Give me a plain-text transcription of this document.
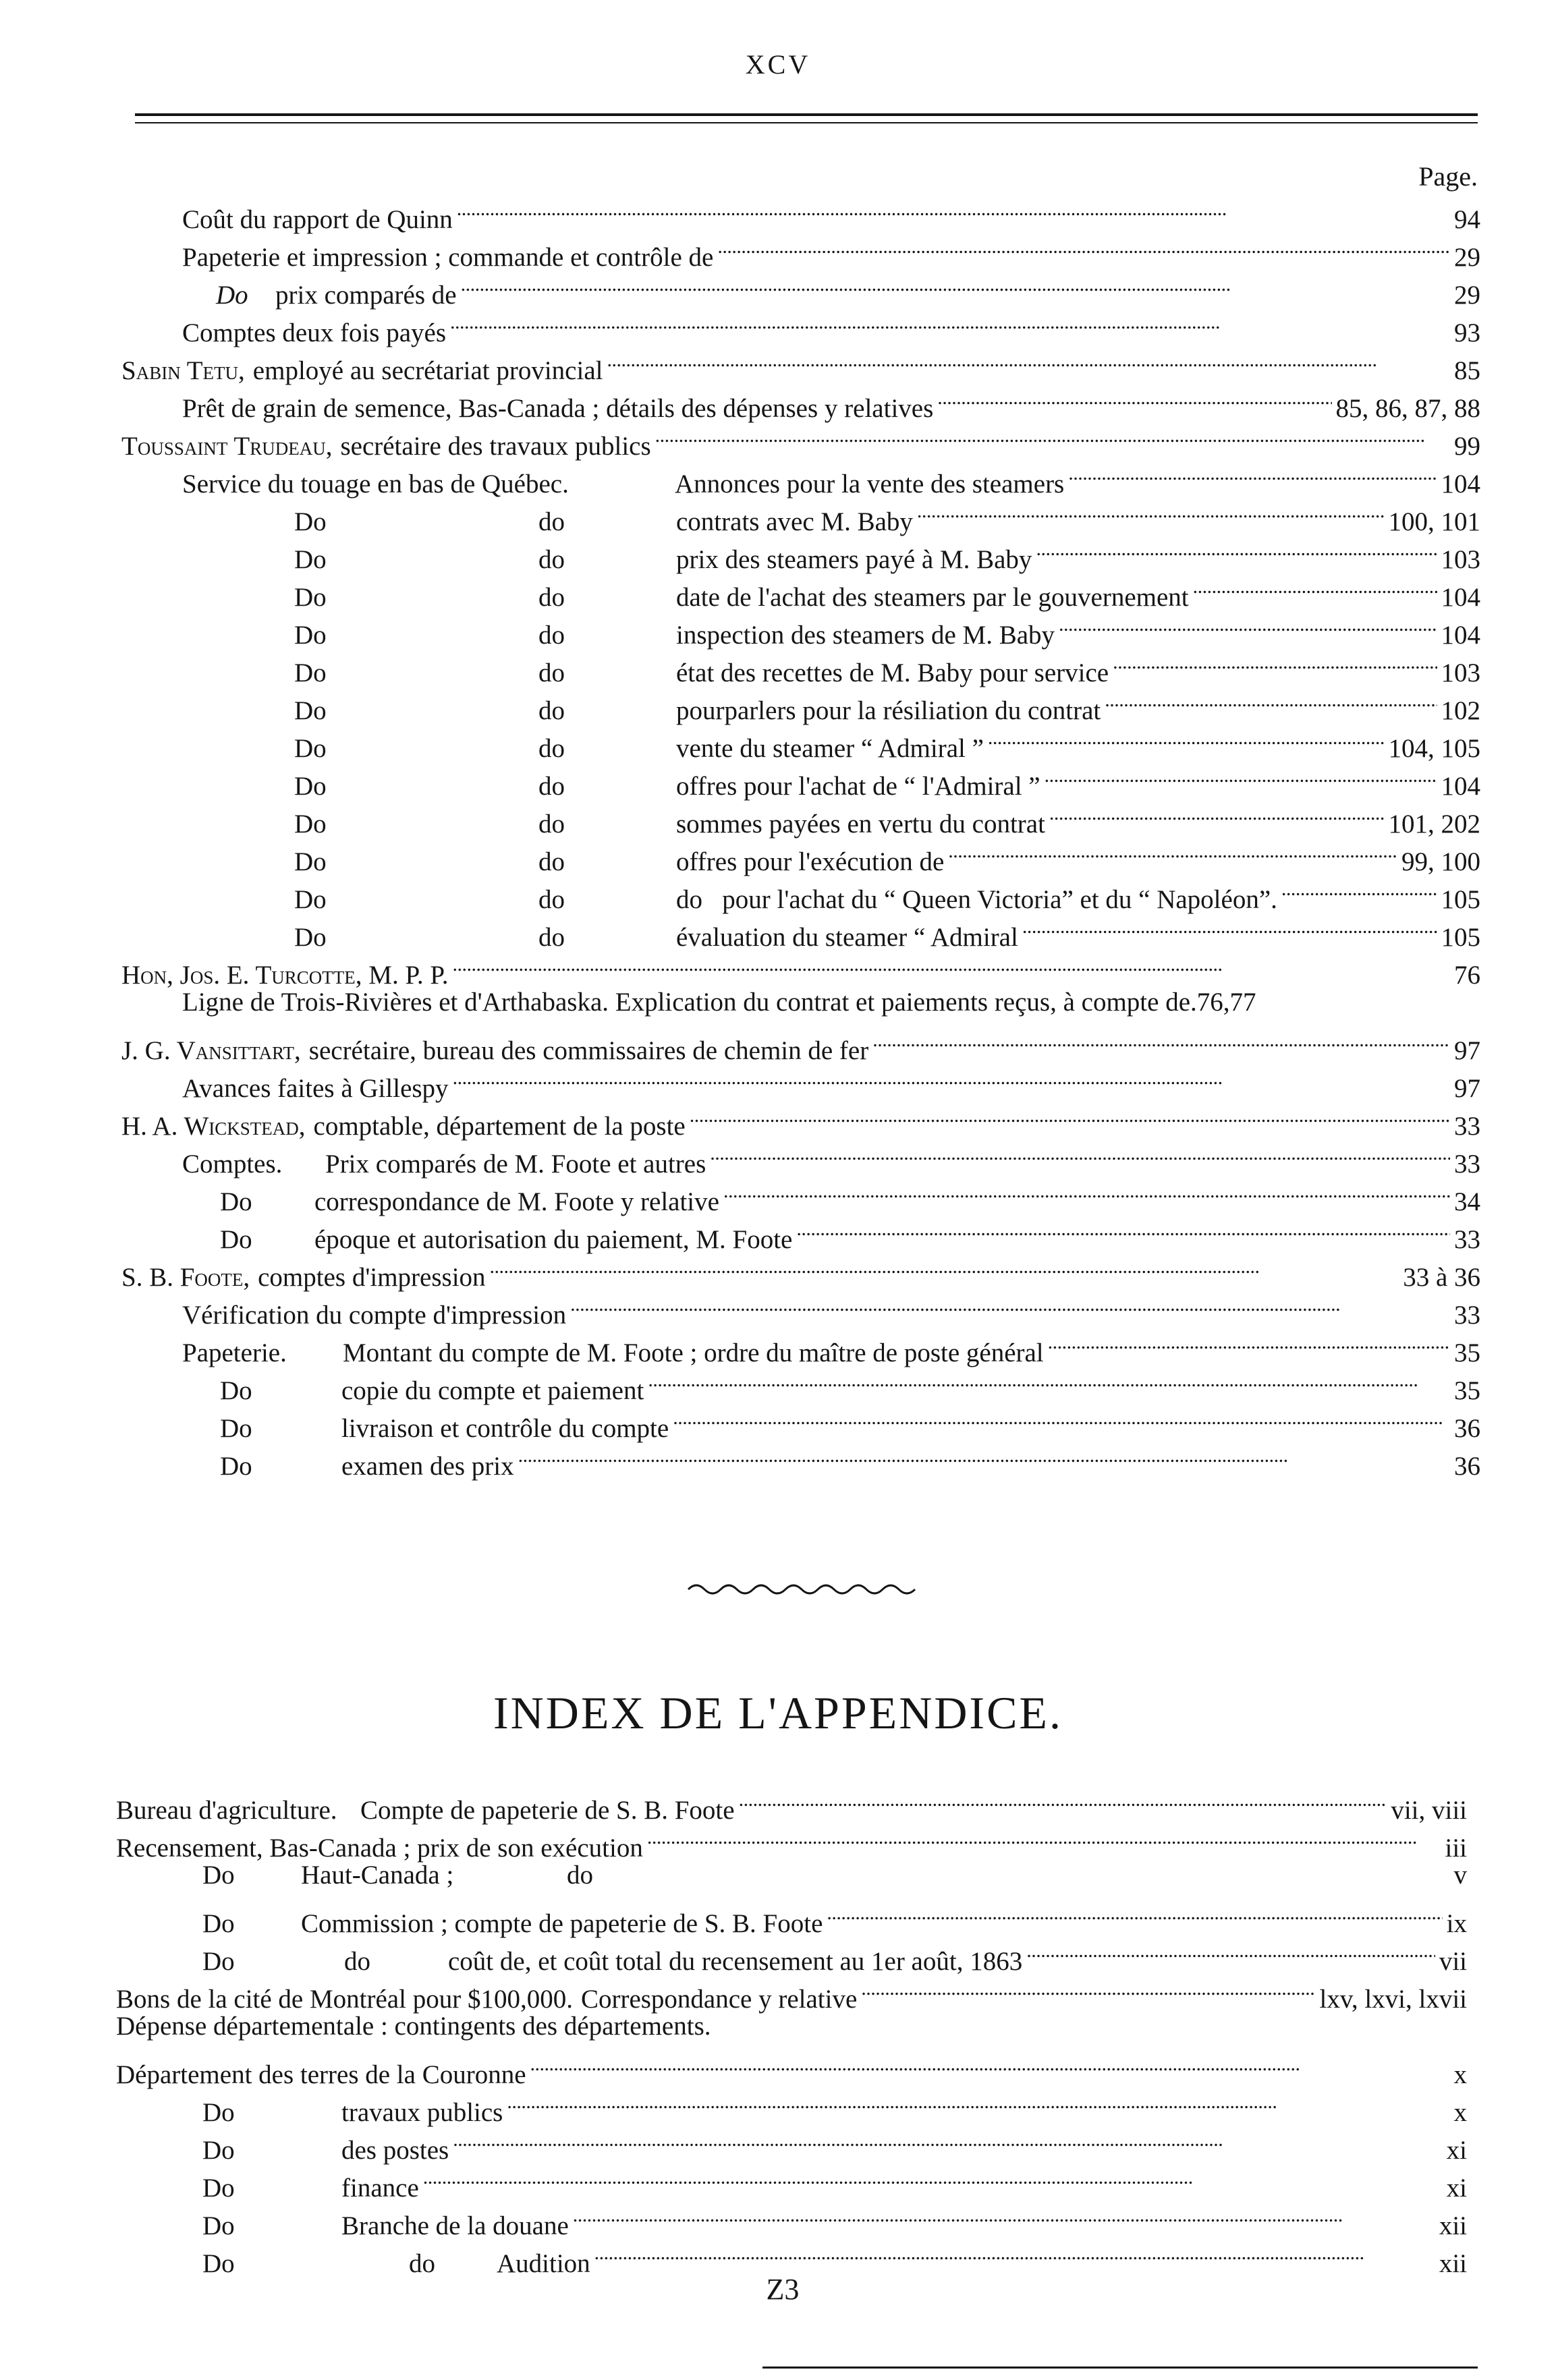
XCV
Page.
Coût du rapport de Quinn . . .	94
Papeterie et impression ; commande et contrôle de . . .	29
Do	prix comparés de . . .	29
Comptes deux fois payés . . .	93
Sabin Tetu, employé au secrétariat provincial . . .	85
Prêt de grain de semence, Bas-Canada ; détails des dépenses y relatives . . .	85, 86, 87, 88
Toussaint Trudeau, secrétaire des travaux publics . . .	99
Service du touage en bas de Québec.	Annonces pour la vente des steamers . . .	104
Do	do	contrats avec M. Baby . . .	100, 101
Do	do	prix des steamers payé à M. Baby . . .	103
Do	do	date de l'achat des steamers par le gouvernement . . .	104
Do	do	inspection des steamers de M. Baby . . .	104
Do	do	état des recettes de M. Baby pour service . . .	103
Do	do	pourparlers pour la résiliation du contrat . . .	102
Do	do	vente du steamer “ Admiral ” . . .	104, 105
Do	do	offres pour l'achat de “ l'Admiral ” . . .	104
Do	do	sommes payées en vertu du contrat . . .	101, 202
Do	do	offres pour l'exécution de . . .	99, 100
Do	do	do   pour l'achat du “ Queen Victoria” et du “ Napoléon”. . . .	105
Do	do	évaluation du steamer “ Admiral . . .	105
Hon, Jos. E. Turcotte, M. P. P. . . .	76
Ligne de Trois-Rivières et d'Arthabaska. Explication du contrat et paiements reçus, à compte de. 76,77
J. G. Vansittart, secrétaire, bureau des commissaires de chemin de fer . . .	97
Avances faites à Gillespy . . .	97
H. A. Wickstead, comptable, département de la poste . . .	33
Comptes.	Prix comparés de M. Foote et autres . . .	33
Do	correspondance de M. Foote y relative . . .	34
Do	époque et autorisation du paiement, M. Foote . . .	33
S. B. Foote, comptes d'impression . . .	33 à 36
Vérification du compte d'impression . . .	33
Papeterie.	Montant du compte de M. Foote ; ordre du maître de poste général . . .	35
Do	copie du compte et paiement . . .	35
Do	livraison et contrôle du compte . . .	36
Do	examen des prix . . .	36
INDEX DE L'APPENDICE.
Bureau d'agriculture. Compte de papeterie de S. B. Foote . . .	vii, viii
Recensement, Bas-Canada ; prix de son exécution . . .	iii
Do	Haut-Canada ;	do	v
Do	Commission ; compte de papeterie de S. B. Foote . . .	ix
Do	do	coût de, et coût total du recensement au 1er août, 1863 . . .	vii
Bons de la cité de Montréal pour $100,000. Correspondance y relative . . .	lxv, lxvi, lxvii
Dépense départementale : contingents des départements.
Département des terres de la Couronne . . .	x
Do	travaux publics . . .	x
Do	des postes . . .	xi
Do	finance . . .	xi
Do	Branche de la douane . . .	xii
Do	do	Audition . . .	xii
Z3
